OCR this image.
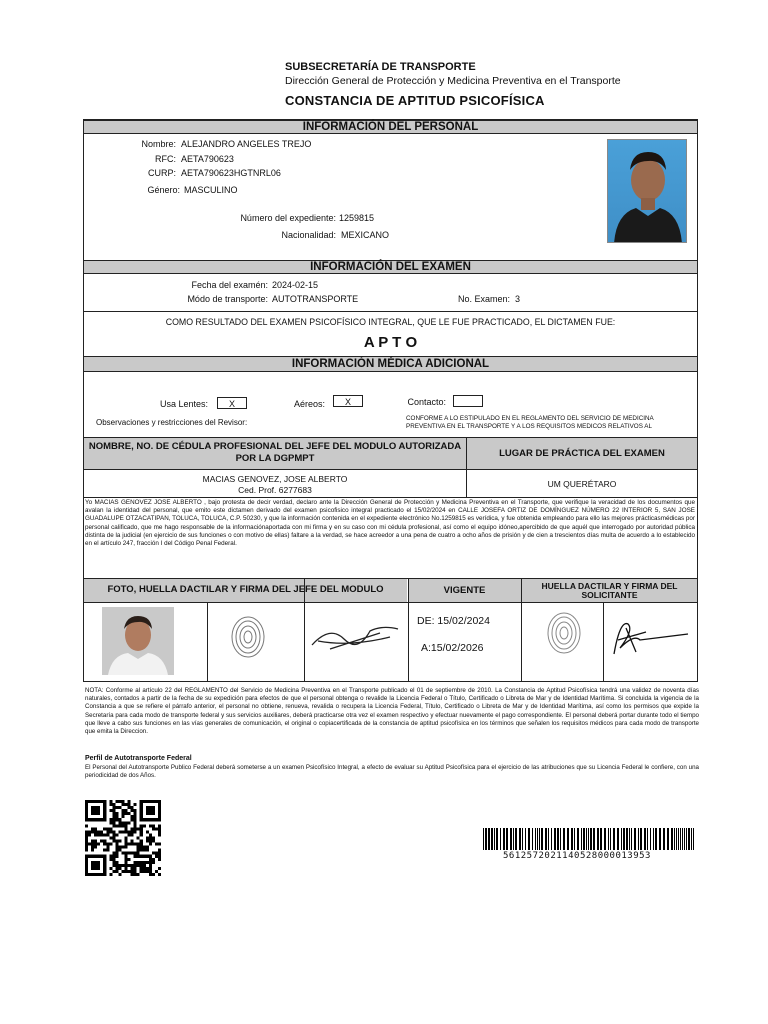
SUBSECRETARÍA DE TRANSPORTE
Dirección General de Protección y Medicina Preventiva en el Transporte
CONSTANCIA DE APTITUD PSICOFÍSICA
INFORMACIÓN DEL PERSONAL
Nombre: ALEJANDRO ANGELES TREJO
RFC: AETA790623
CURP: AETA790623HGTNRL06
Género: MASCULINO
Número del expediente: 1259815
Nacionalidad: MEXICANO
INFORMACIÓN DEL EXAMEN
Fecha del examén: 2024-02-15
Módo de transporte: AUTOTRANSPORTE	No. Examen: 3
COMO RESULTADO DEL EXAMEN PSICOFÍSICO INTEGRAL, QUE LE FUE PRACTICADO, EL DICTAMEN FUE:
A P T O
INFORMACIÓN MÉDICA ADICIONAL
Usa Lentes:	X	Aéreos:	X	Contacto:
Observaciones y restricciones del Revisor:	CONFORME A LO ESTIPULADO EN EL REGLAMENTO DEL SERVICIO DE MEDICINA PREVENTIVA EN EL TRANSPORTE Y A LOS REQUISITOS MEDICOS RELATIVOS AL
NOMBRE, NO. DE CÉDULA PROFESIONAL DEL JEFE DEL MODULO AUTORIZADA POR LA DGPMPT	LUGAR DE PRÁCTICA DEL EXAMEN
MACIAS GENOVEZ, JOSE ALBERTO
Ced. Prof. 6277683
UM QUERÉTARO
Yo MACIAS GENOVEZ JOSE ALBERTO , bajo protesta de decir verdad, declaro ante la Dirección General de Protección y Medicina Preventiva en el Transporte, que verifique la veracidad de los documentos que avalan la identidad del personal, que emito este dictamen derivado del examen psicofisico integral practicado el 15/02/2024 en CALLE JOSEFA ORTIZ DE DOMÍNGUEZ NÚMERO 22 INTERIOR 5, SAN JOSE GUADALUPE OTZACATIPAN, TOLUCA, TOLUCA, C.P. 50230, y que la información contenida en el expediente electrónico No.1259815 es verídica, y fue obtenida empleando para ello las mejores prácticasmédicas por personal calificado, que me hago responsable de la informaciónaportada con mi firma y en su caso con mi cédula profesional, así como el equipo idóneo,apercibido de que aquél que interrogado por autoridad pública distinta de la judicial (en ejercicio de sus funciones o con motivo de ellas) faltare a la verdad, se hace acreedor a una pena de cuatro a ocho años de prisión y de cien a trescientos días multa de acuerdo a lo establecido en el artículo 247, fracción I del Código Penal Federal.
FOTO, HUELLA DACTILAR Y FIRMA DEL JEFE DEL MODULO	VIGENTE	HUELLA DACTILAR Y FIRMA DEL SOLICITANTE
DE: 15/02/2024
A:15/02/2026
NOTA: Conforme al artículo 22 del REGLAMENTO del Servicio de Medicina Preventiva en el Transporte publicado el 01 de septiembre de 2010. La Constancia de Aptitud Psicofísica tendrá una validez de noventa días naturales, contados a partir de la fecha de su expedición para efectos de que el personal obtenga o revalide la Licencia Federal o Título, Certificado o Libreta de Mar y de Identidad Marítima. Si concluida la vigencia de la Constancia a que se refiere el párrafo anterior, el personal no obtiene, renueva, revalida o recupera la Licencia Federal, Título, Certificado o Libreta de Mar y de Identidad Marítima, así como los permisos que expide la Secretaría para cada modo de transporte federal y sus servicios auxiliares, deberá practicarse otra vez el examen respectivo y efectuar nuevamente el pago correspondiente. El personal deberá portar durante todo el tiempo que lleve a cabo sus funciones en las vías generales de comunicación, el original o copiacertificada de la constancia de aptitud psicofísica en los términos que señalen los requisitos médicos para cada modo de transporte que emita la Direccion.
Perfil de Autotransporte Federal
El Personal del Autotransporte Publico Federal deberá someterse a un examen Psicofísico Integral, a efecto de evaluar su Aptitud Psicofísica para el ejercicio de las atribuciones que su Licencia Federal le confiere, con una periodicidad de dos Años.
56125720211405280000139​53
